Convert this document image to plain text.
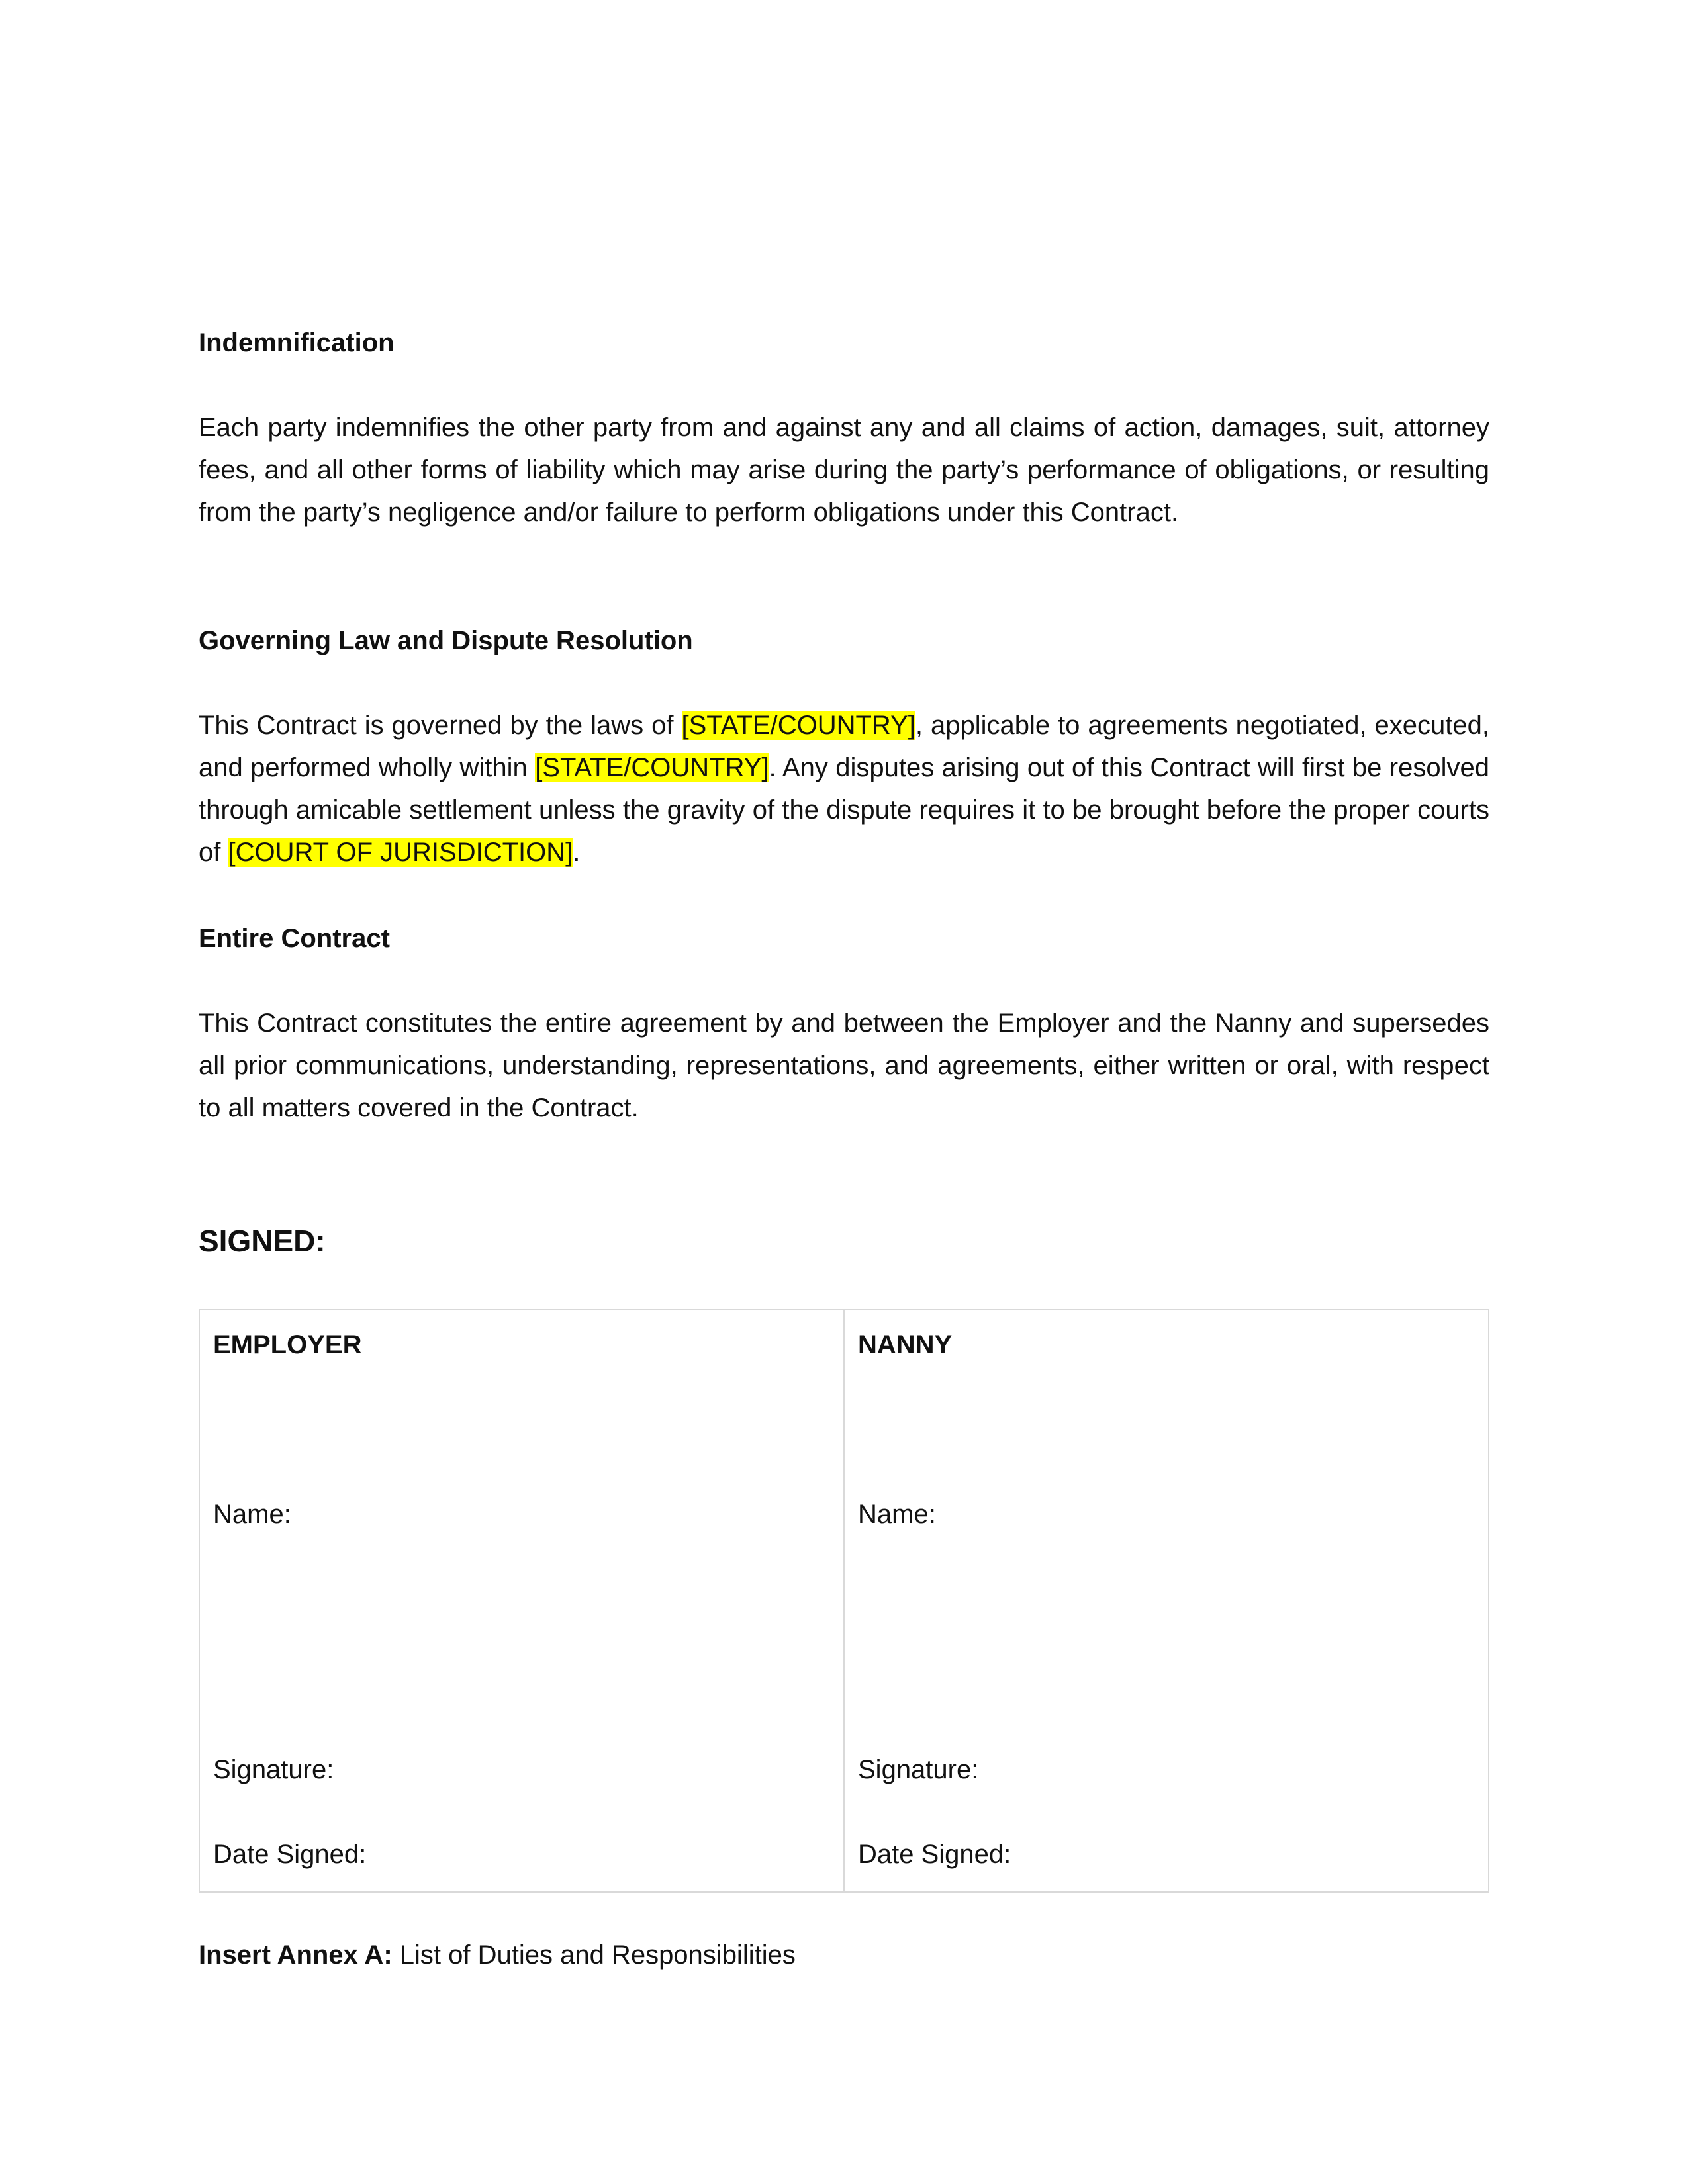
Indemnification
Each party indemnifies the other party from and against any and all claims of action, damages, suit, attorney fees, and all other forms of liability which may arise during the party’s performance of obligations, or resulting from the party’s negligence and/or failure to perform obligations under this Contract.
Governing Law and Dispute Resolution
This Contract is governed by the laws of [STATE/COUNTRY], applicable to agreements negotiated, executed, and performed wholly within [STATE/COUNTRY]. Any disputes arising out of this Contract will first be resolved through amicable settlement unless the gravity of the dispute requires it to be brought before the proper courts of [COURT OF JURISDICTION].
Entire Contract
This Contract constitutes the entire agreement by and between the Employer and the Nanny and supersedes all prior communications, understanding, representations, and agreements, either written or oral, with respect to all matters covered in the Contract.
SIGNED:
EMPLOYER
Name:
Signature:
Date Signed:
NANNY
Name:
Signature:
Date Signed:
Insert Annex A: List of Duties and Responsibilities
